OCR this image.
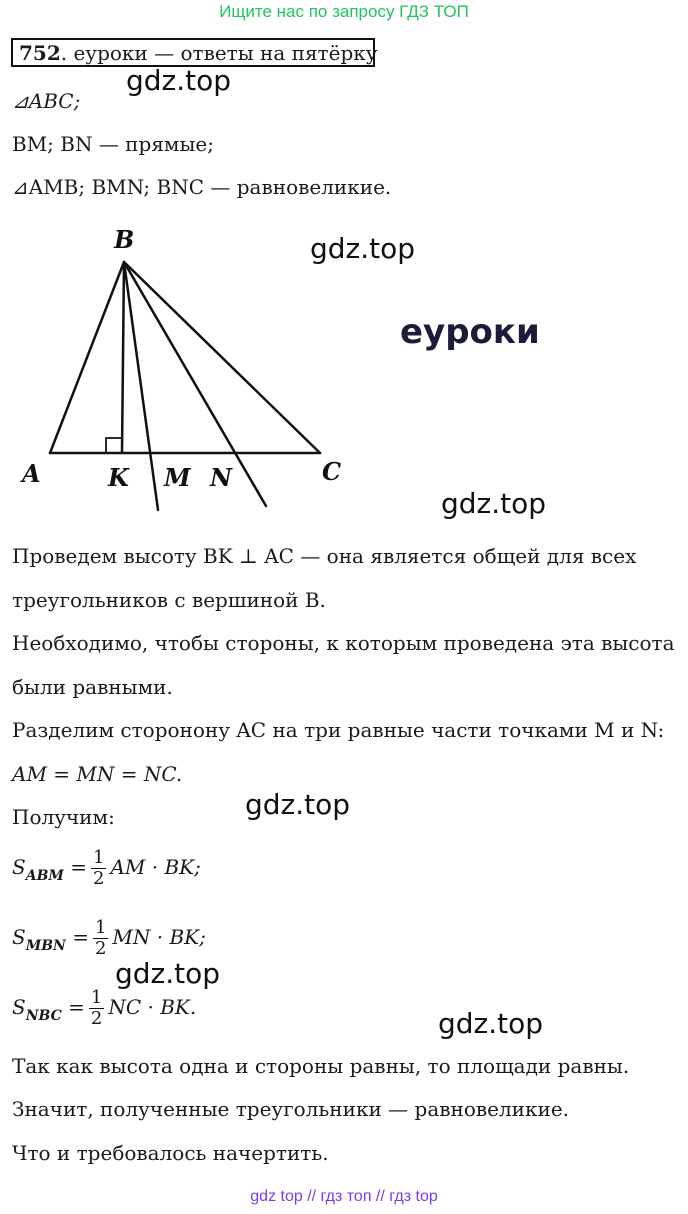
Ищите нас по запросу ГДЗ ТОП
752. еуроки — ответы на пятёрку
gdz.top
⊿ABC;
BM; BN — прямые;
⊿AMB; BMN; BNC — равновеликие.
B
A	K M N	C
gdz.top
еуроки
gdz.top
Проведем высоту BK ⊥ AC — она является общей для всех
треугольников с вершиной B.
Необходимо, чтобы стороны, к которым проведена эта высота
были равными.
Разделим сторонону AC на три равные части точками M и N:
AM = MN = NC.
gdz.top
Получим:
$S_{ABM} = \frac{1}{2}$ AM · BK;
$S_{MBN} = \frac{1}{2}$ MN · BK;
gdz.top
$S_{NBC} = \frac{1}{2}$ NC · BK.	gdz.top
Так как высота одна и стороны равны, то площади равны.
Значит, полученные треугольники — равновеликие.
Что и требовалось начертить.
gdz top // гдз топ // гдз top
